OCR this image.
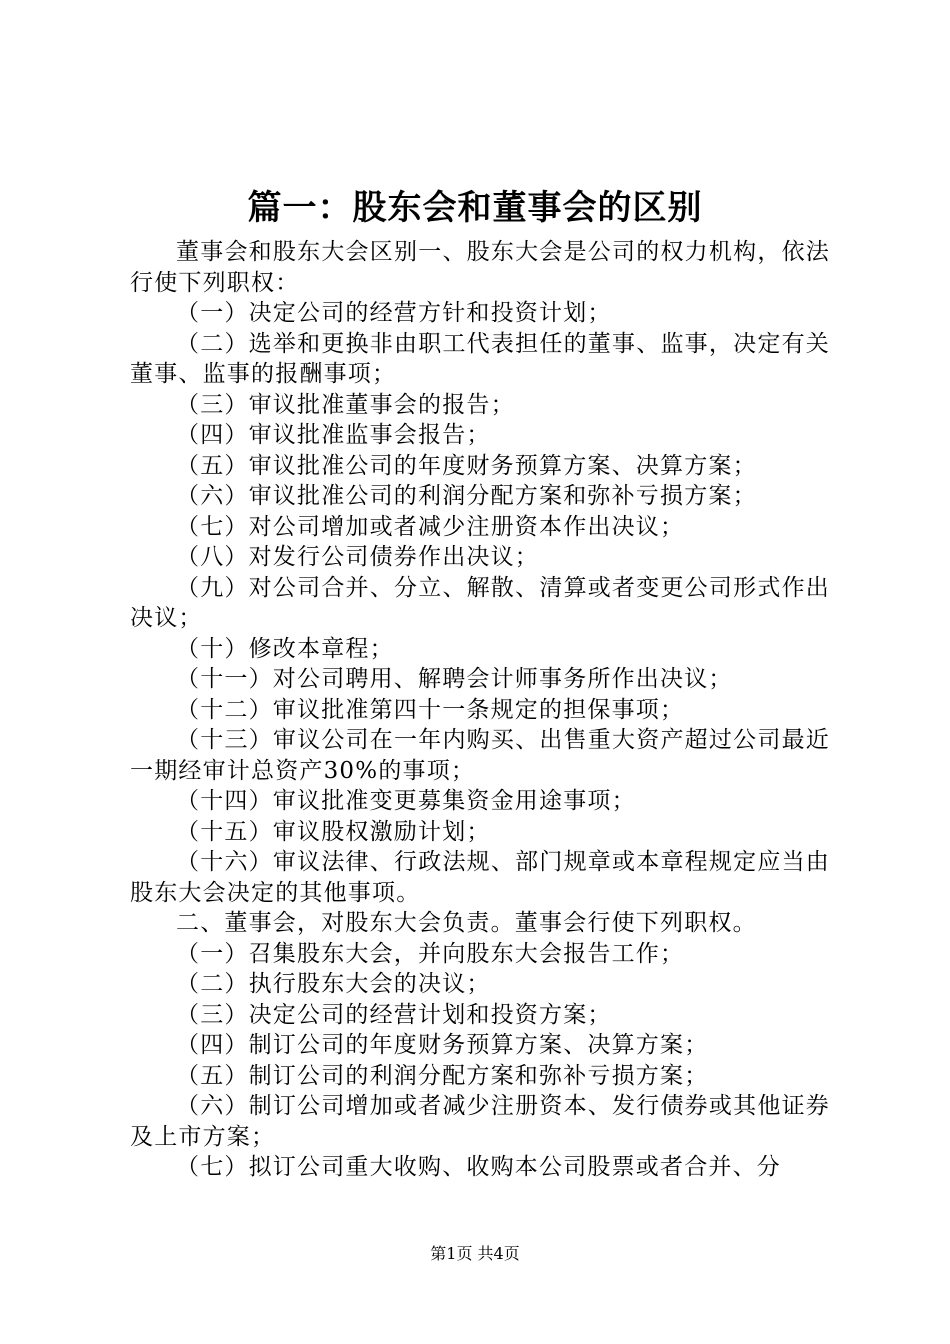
篇一：股东会和董事会的区别

董事会和股东大会区别一、股东大会是公司的权力机构，依法行使下列职权：

（一）决定公司的经营方针和投资计划；

（二）选举和更换非由职工代表担任的董事、监事，决定有关董事、监事的报酬事项；

（三）审议批准董事会的报告；

（四）审议批准监事会报告；

（五）审议批准公司的年度财务预算方案、决算方案；

（六）审议批准公司的利润分配方案和弥补亏损方案；

（七）对公司增加或者减少注册资本作出决议；

（八）对发行公司债券作出决议；

（九）对公司合并、分立、解散、清算或者变更公司形式作出决议；

（十）修改本章程；

（十一）对公司聘用、解聘会计师事务所作出决议；

（十二）审议批准第四十一条规定的担保事项；

（十三）审议公司在一年内购买、出售重大资产超过公司最近一期经审计总资产30%的事项；

（十四）审议批准变更募集资金用途事项；

（十五）审议股权激励计划；

（十六）审议法律、行政法规、部门规章或本章程规定应当由股东大会决定的其他事项。

二、董事会，对股东大会负责。董事会行使下列职权。

（一）召集股东大会，并向股东大会报告工作；

（二）执行股东大会的决议；

（三）决定公司的经营计划和投资方案；

（四）制订公司的年度财务预算方案、决算方案；

（五）制订公司的利润分配方案和弥补亏损方案；

（六）制订公司增加或者减少注册资本、发行债券或其他证券及上市方案；

（七）拟订公司重大收购、收购本公司股票或者合并、分

第1页 共4页
